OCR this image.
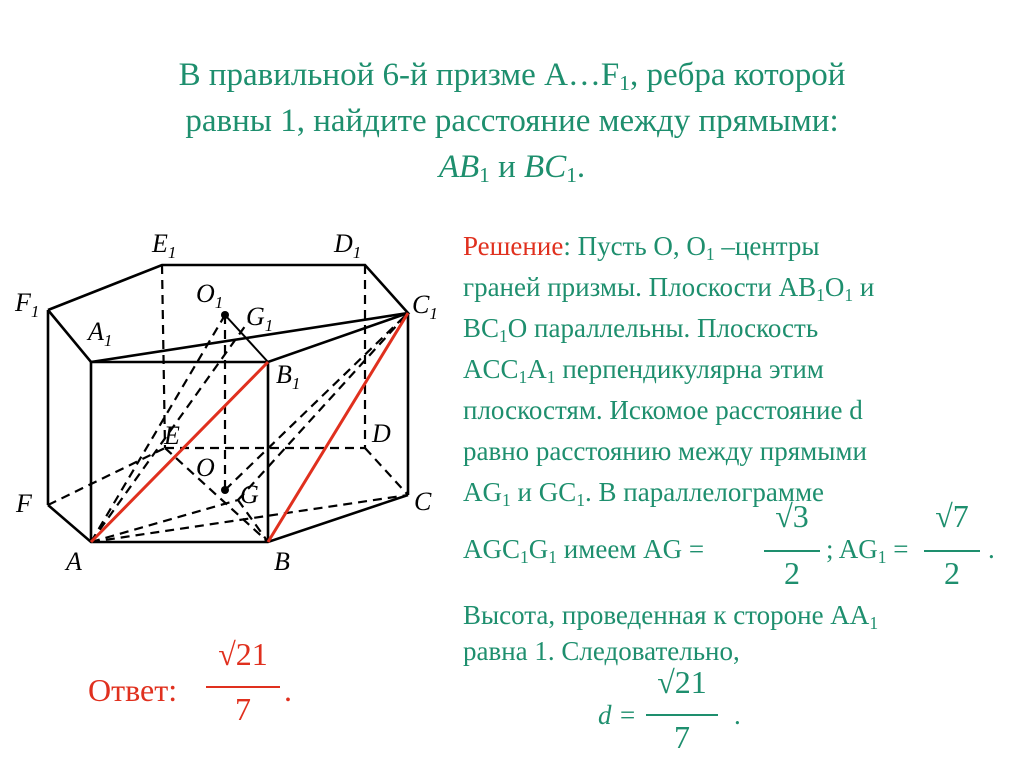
В правильной 6-й призме $A\dots F_1$, ребра которой
равны 1, найдите расстояние между прямыми:
$AB_1$ и $BC_1$.
$E_1$	$D_1$
$F_1$	$C_1$
$A_1$
$O_1$ $G_1$
$B_1$
E	D
O
F	G	C
A	B
Решение: Пусть O, $O_1$ –центры
граней призмы. Плоскости $AB_1O_1$ и
$BC_1O$ параллельны. Плоскость
$ACC_1A_1$ перпендикулярна этим
плоскостям. Искомое расстояние d
равно расстоянию между прямыми
$AG_1$ и $GC_1$. В параллелограмме
$AGC_1G_1$ имеем AG =
√3
2
; $AG_1$ =
√7
2
.
Высота, проведенная к стороне $AA_1$
равна 1. Следовательно,
d =
√21
7
.
Ответ:
√21
7
.
